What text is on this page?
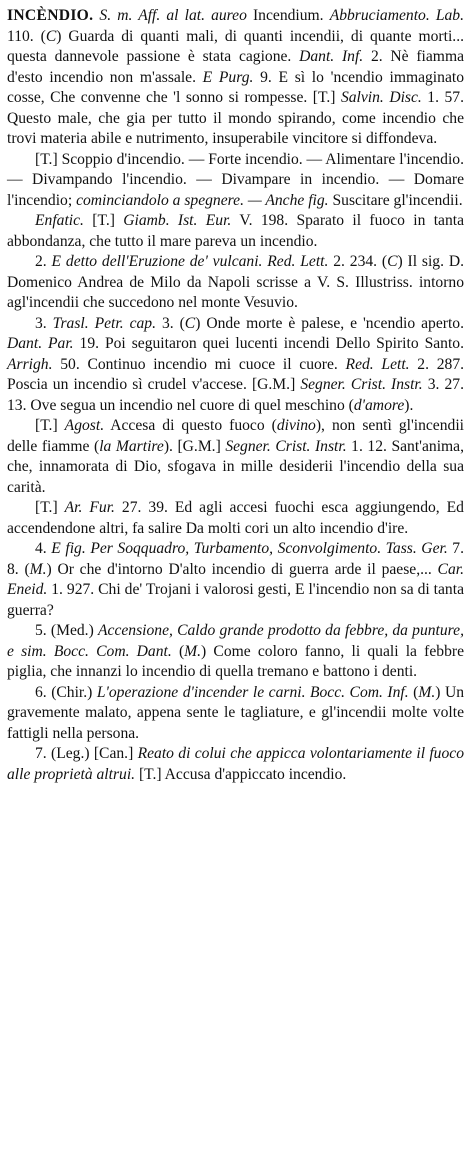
INCÈNDIO. S. m. Aff. al lat. aureo Incendium. Abbruciamento. Lab. 110. (C) Guarda di quanti mali, di quanti incendii, di quante morti... questa dannevole passione è stata cagione. Dant. Inf. 2. Nè fiamma d'esto incendio non m'assale. E Purg. 9. E sì lo 'ncendio immaginato cosse, Che convenne che 'l sonno si rompesse. [T.] Salvin. Disc. 1. 57. Questo male, che gia per tutto il mondo spirando, come incendio che trovi materia abile e nutrimento, insuperabile vincitore si diffondeva.

[T.] Scoppio d'incendio. — Forte incendio. — Alimentare l'incendio. — Divampando l'incendio. — Divampare in incendio. — Domare l'incendio; cominciandolo a spegnere. — Anche fig. Suscitare gl'incendii.

Enfatic. [T.] Giamb. Ist. Eur. V. 198. Sparato il fuoco in tanta abbondanza, che tutto il mare pareva un incendio.

2. E detto dell'Eruzione de' vulcani. Red. Lett. 2. 234. (C) Il sig. D. Domenico Andrea de Milo da Napoli scrisse a V. S. Illustriss. intorno agl'incendii che succedono nel monte Vesuvio.

3. Trasl. Petr. cap. 3. (C) Onde morte è palese, e 'ncendio aperto. Dant. Par. 19. Poi seguitaron quei lucenti incendi Dello Spirito Santo. Arrigh. 50. Continuo incendio mi cuoce il cuore. Red. Lett. 2. 287. Poscia un incendio sì crudel v'accese. [G.M.] Segner. Crist. Instr. 3. 27. 13. Ove segua un incendio nel cuore di quel meschino (d'amore).

[T.] Agost. Accesa di questo fuoco (divino), non sentì gl'incendii delle fiamme (la Martire). [G.M.] Segner. Crist. Instr. 1. 12. Sant'anima, che, innamorata di Dio, sfogava in mille desiderii l'incendio della sua carità.

[T.] Ar. Fur. 27. 39. Ed agli accesi fuochi esca aggiungendo, Ed accendendone altri, fa salire Da molti cori un alto incendio d'ire.

4. E fig. Per Soqquadro, Turbamento, Sconvolgimento. Tass. Ger. 7. 8. (M.) Or che d'intorno D'alto incendio di guerra arde il paese,... Car. Eneid. 1. 927. Chi de' Trojani i valorosi gesti, E l'incendio non sa di tanta guerra?

5. (Med.) Accensione, Caldo grande prodotto da febbre, da punture, e sim. Bocc. Com. Dant. (M.) Come coloro fanno, li quali la febbre piglia, che innanzi lo incendio di quella tremano e battono i denti.

6. (Chir.) L'operazione d'incender le carni. Bocc. Com. Inf. (M.) Un gravemente malato, appena sente le tagliature, e gl'incendii molte volte fattigli nella persona.

7. (Leg.) [Can.] Reato di colui che appicca volontariamente il fuoco alle proprietà altrui. [T.] Accusa d'appiccato incendio.
